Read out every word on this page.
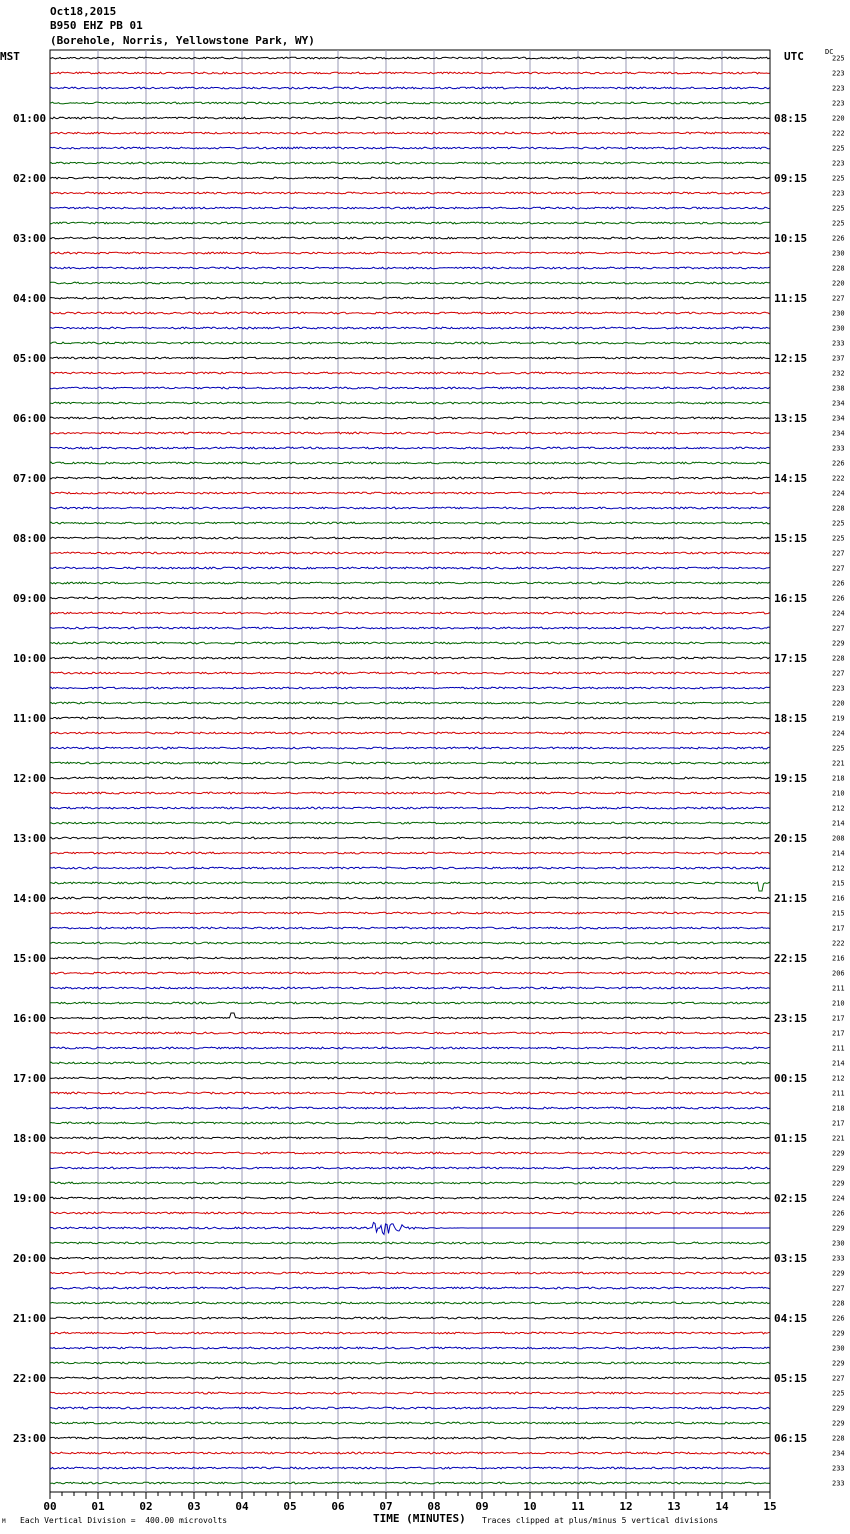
Oct18,2015
B950 EHZ PB 01
(Borehole, Norris, Yellowstone Park, WY)
MST	UTC	DC
225
223
223
223
220
222
225
223
225
223
225
225
226
230
228
220
227
230
230
233
237
232
238
234
234
234
233
226
222
224
228
225
225
227
227
226
226
224
227
229
228
227
223
220
219
224
225
221
218
210
212
214
208
214
212
215
216
215
217
222
216
206
211
210
217
217
211
214
212
211
218
217
221
229
229
229
224
226
229
230
233
229
227
228
226
229
230
229
227
225
229
229
228
234
233
233
01:00
02:00
03:00
04:00
05:00
06:00
07:00
08:00
09:00
10:00
11:00
12:00
13:00
14:00
15:00
16:00
17:00
18:00
19:00
20:00
21:00
22:00
23:00
08:15
09:15
10:15
11:15
12:15
13:15
14:15
15:15
16:15
17:15
18:15
19:15
20:15
21:15
22:15
23:15
00:15
01:15
02:15
03:15
04:15
05:15
06:15
00	01	02	03	04	05	06	07	08	09	10	11	12	13	14	15
M Each Vertical Division =  400.00 microvolts	TIME (MINUTES) Traces clipped at plus/minus 5 vertical divisions
